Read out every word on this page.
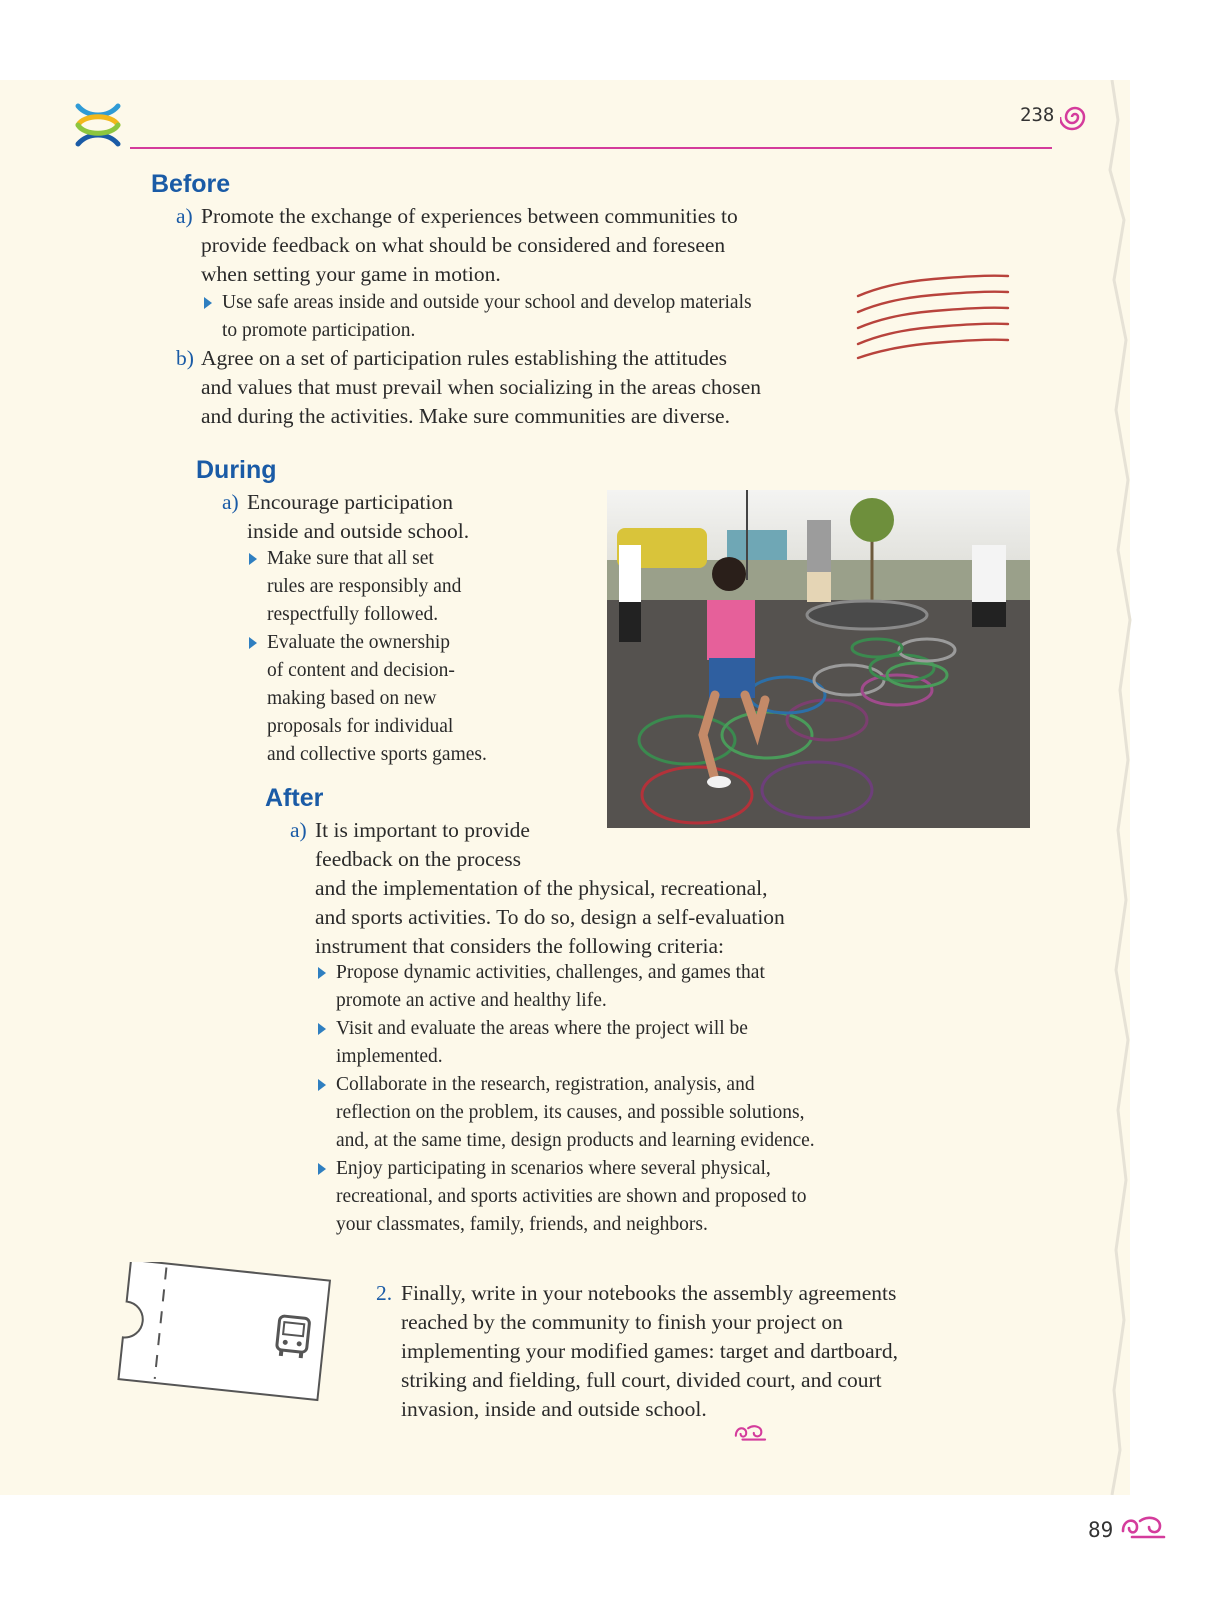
238
Before
a) Promote the exchange of experiences between communities to
provide feedback on what should be considered and foreseen
when setting your game in motion.
Use safe areas inside and outside your school and develop materials
to promote participation.
b) Agree on a set of participation rules establishing the attitudes
and values that must prevail when socializing in the areas chosen
and during the activities. Make sure communities are diverse.
During
a) Encourage participation
inside and outside school.
Make sure that all set
rules are responsibly and
respectfully followed.
Evaluate the ownership
of content and decision-
making based on new
proposals for individual
and collective sports games.
After
a) It is important to provide
feedback on the process
and the implementation of the physical, recreational,
and sports activities. To do so, design a self-evaluation
instrument that considers the following criteria:
Propose dynamic activities, challenges, and games that
promote an active and healthy life.
Visit and evaluate the areas where the project will be
implemented.
Collaborate in the research, registration, analysis, and
reflection on the problem, its causes, and possible solutions,
and, at the same time, design products and learning evidence.
Enjoy participating in scenarios where several physical,
recreational, and sports activities are shown and proposed to
your classmates, family, friends, and neighbors.
2. Finally, write in your notebooks the assembly agreements
reached by the community to finish your project on
implementing your modified games: target and dartboard,
striking and fielding, full court, divided court, and court
invasion, inside and outside school.
89
